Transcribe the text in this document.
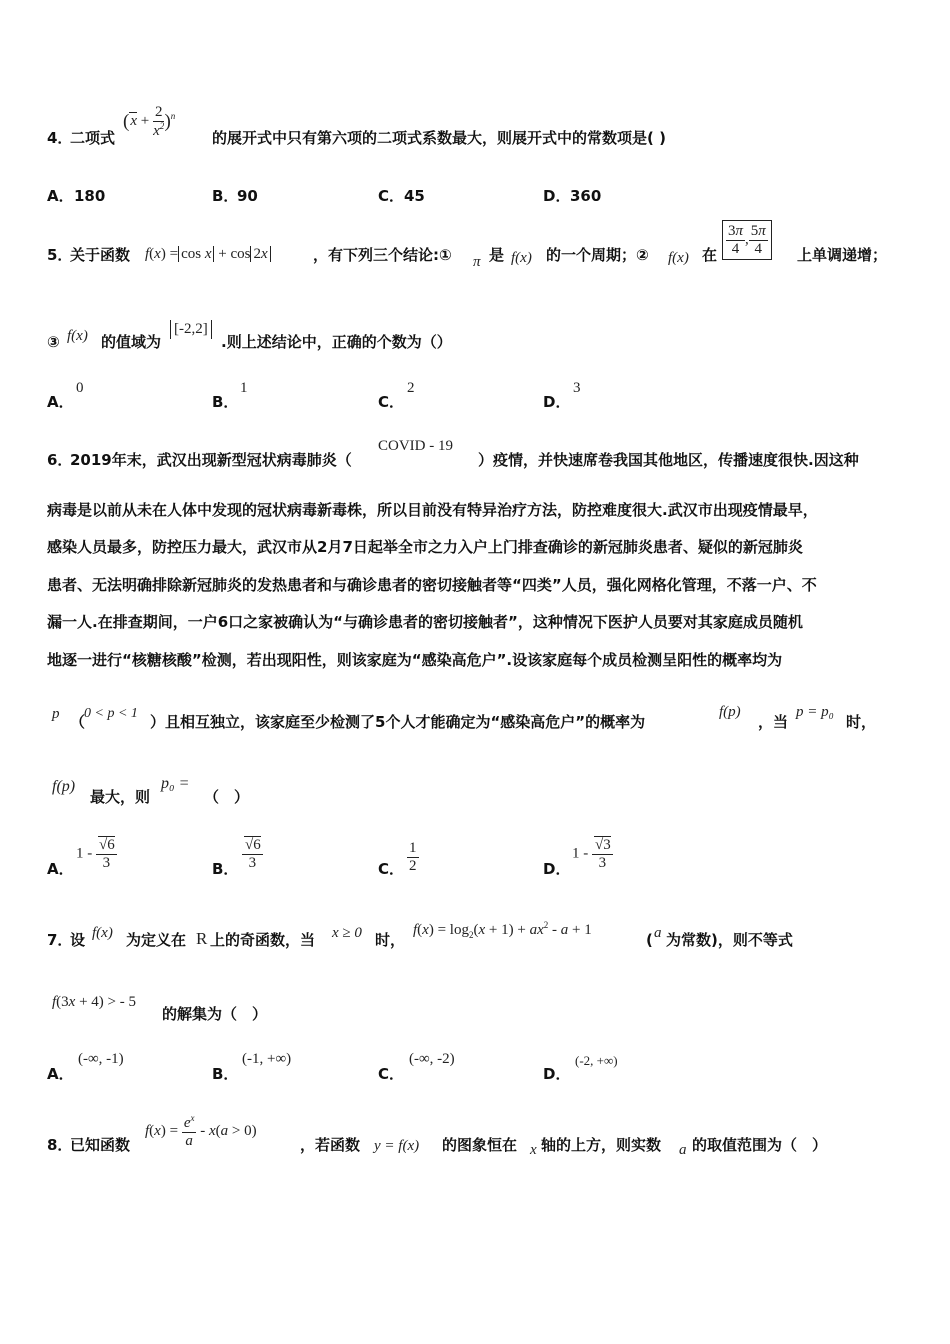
4．
二项式
$(x + \frac{2}{x^2} )^n$
的展开式中只有第六项的二项式系数最大，则展开式中的常数项是( )
A． 180	B．
90	C． 45	D． 360
5．
关于函数 f(x) = cos x + cos 2x	，有下列三个结论:① π 是 f(x) 的一个周期；② f(x) 在 $\frac{3\pi}{4}$ , $\frac{5\pi}{4}$ 上单调递增；
③ f(x) 的值域为
[-2,2]
.则上述结论中，正确的个数为（）
A．
0
B．
1
C．
2
D．
3
6．
2019年末，武汉出现新型冠状病毒肺炎（
COVID - 19
）疫情，并快速席卷我国其他地区，传播速度很快.因这种
病毒是以前从未在人体中发现的冠状病毒新毒株，所以目前没有特异治疗方法，防控难度很大.武汉市出现疫情最早，
感染人员最多，防控压力最大，武汉市从2月7日起举全市之力入户上门排查确诊的新冠肺炎患者、疑似的新冠肺炎
患者、无法明确排除新冠肺炎的发热患者和与确诊患者的密切接触者等“四类”人员，强化网格化管理，不落一户、不
漏一人.在排查期间，一户6口之家被确认为“与确诊患者的密切接触者”，这种情况下医护人员要对其家庭成员随机
地逐一进行“核糖核酸”检测，若出现阳性，则该家庭为“感染高危户”.设该家庭每个成员检测呈阳性的概率均为
p （
0 < p < 1 ）且相互独立，该家庭至少检测了5个人才能确定为“感染高危户”的概率为
f(p)
，当
p = p₀
时，
f(p)
最大，则
p₀ =
（　）
A．
$1 - \frac{√6}{3}$	B． $\frac{√6}{3}$	C． $\frac{1}{2}$	D．
$1 - \frac{√3}{3}$
7．
设 f(x) 为定义在 R 上的奇函数，当 x ≥ 0 时，
$f(x) = \log_2(x + 1) + ax^2 - a + 1$
( a 为常数)，则不等式
f(3x + 4) > - 5
的解集为（　）
A．
(-∞, -1)
B．
(-1, +∞)
C．
(-∞, -2)
D．
(-2, +∞)
8．
已知函数
$f(x) = \frac{e^x}{a} - x(a > 0)$
，若函数 y = f(x) 的图象恒在 x 轴的上方，则实数 a 的取值范围为（　）
